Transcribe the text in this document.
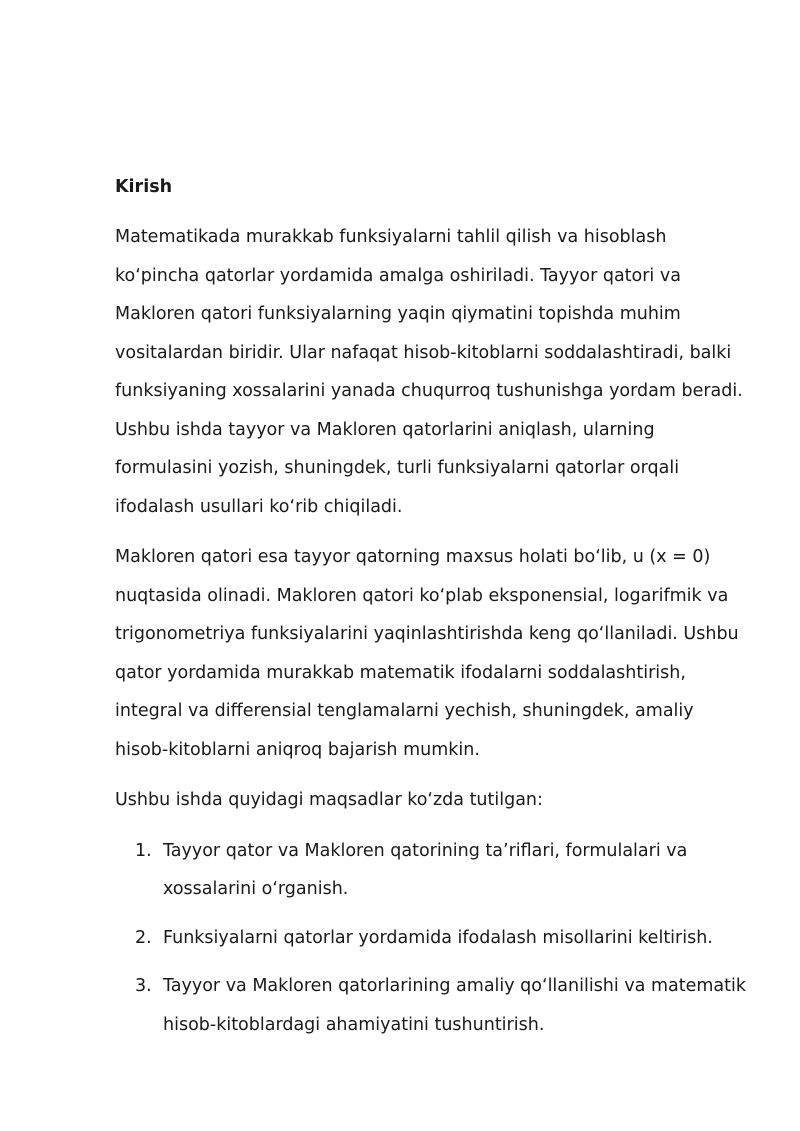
Kirish

Matematikada murakkab funksiyalarni tahlil qilish va hisoblash ko‘pincha qatorlar yordamida amalga oshiriladi. Tayyor qatori va Makloren qatori funksiyalarning yaqin qiymatini topishda muhim vositalardan biridir. Ular nafaqat hisob-kitoblarni soddalashtiradi, balki funksiyaning xossalarini yanada chuqurroq tushunishga yordam beradi. Ushbu ishda tayyor va Makloren qatorlarini aniqlash, ularning formulasini yozish, shuningdek, turli funksiyalarni qatorlar orqali ifodalash usullari ko‘rib chiqiladi.

Makloren qatori esa tayyor qatorning maxsus holati bo‘lib, u (x = 0) nuqtasida olinadi. Makloren qatori ko‘plab eksponensial, logarifmik va trigonometriya funksiyalarini yaqinlashtirishda keng qo‘llaniladi. Ushbu qator yordamida murakkab matematik ifodalarni soddalashtirish, integral va differensial tenglamalarni yechish, shuningdek, amaliy hisob-kitoblarni aniqroq bajarish mumkin.

Ushbu ishda quyidagi maqsadlar ko‘zda tutilgan:

1. Tayyor qator va Makloren qatorining ta’riflari, formulalari va xossalarini o‘rganish.
2. Funksiyalarni qatorlar yordamida ifodalash misollarini keltirish.
3. Tayyor va Makloren qatorlarining amaliy qo‘llanilishi va matematik hisob-kitoblardagi ahamiyatini tushuntirish.
